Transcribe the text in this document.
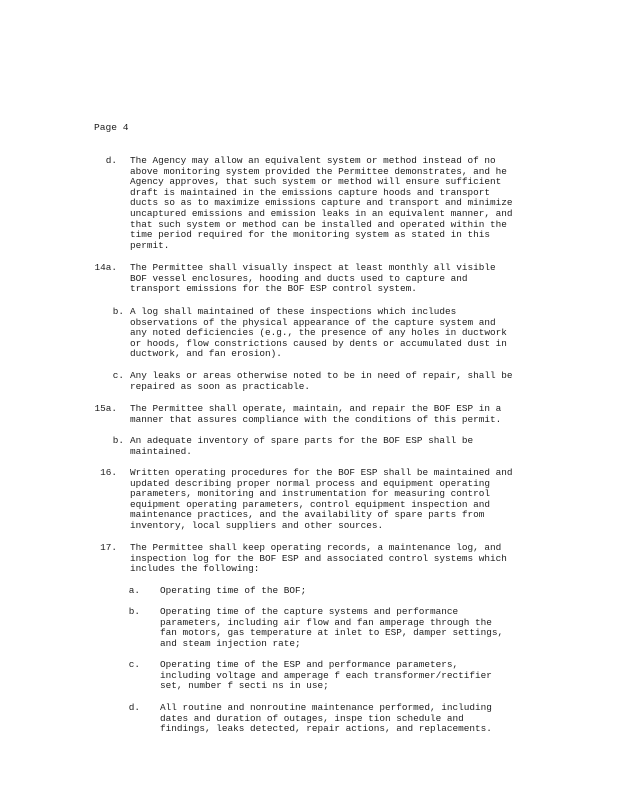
Page 4
d. The Agency may allow an equivalent system or method instead of no
above monitoring system provided the Permittee demonstrates, and he
Agency approves, that such system or method will ensure sufficient
draft is maintained in the emissions capture hoods and transport
ducts so as to maximize emissions capture and transport and minimize
uncaptured emissions and emission leaks in an equivalent manner, and
that such system or method can be installed and operated within the
time period required for the monitoring system as stated in this
permit.
14a. The Permittee shall visually inspect at least monthly all visible
BOF vessel enclosures, hooding and ducts used to capture and
transport emissions for the BOF ESP control system.
b. A log shall maintained of these inspections which includes
observations of the physical appearance of the capture system and
any noted deficiencies (e.g., the presence of any holes in ductwork
or hoods, flow constrictions caused by dents or accumulated dust in
ductwork, and fan erosion).
c. Any leaks or areas otherwise noted to be in need of repair, shall be
repaired as soon as practicable.
15a. The Permittee shall operate, maintain, and repair the BOF ESP in a
manner that assures compliance with the conditions of this permit.
b. An adequate inventory of spare parts for the BOF ESP shall be
maintained.
16. Written operating procedures for the BOF ESP shall be maintained and
updated describing proper normal process and equipment operating
parameters, monitoring and instrumentation for measuring control
equipment operating parameters, control equipment inspection and
maintenance practices, and the availability of spare parts from
inventory, local suppliers and other sources.
17. The Permittee shall keep operating records, a maintenance log, and
inspection log for the BOF ESP and associated control systems which
includes the following:
a. Operating time of the BOF;
b. Operating time of the capture systems and performance
parameters, including air flow and fan amperage through the
fan motors, gas temperature at inlet to ESP, damper settings,
and steam injection rate;
c. Operating time of the ESP and performance parameters,
including voltage and amperage f each transformer/rectifier
set, number f secti ns in use;
d. All routine and nonroutine maintenance performed, including
dates and duration of outages, inspe tion schedule and
findings, leaks detected, repair actions, and replacements.
